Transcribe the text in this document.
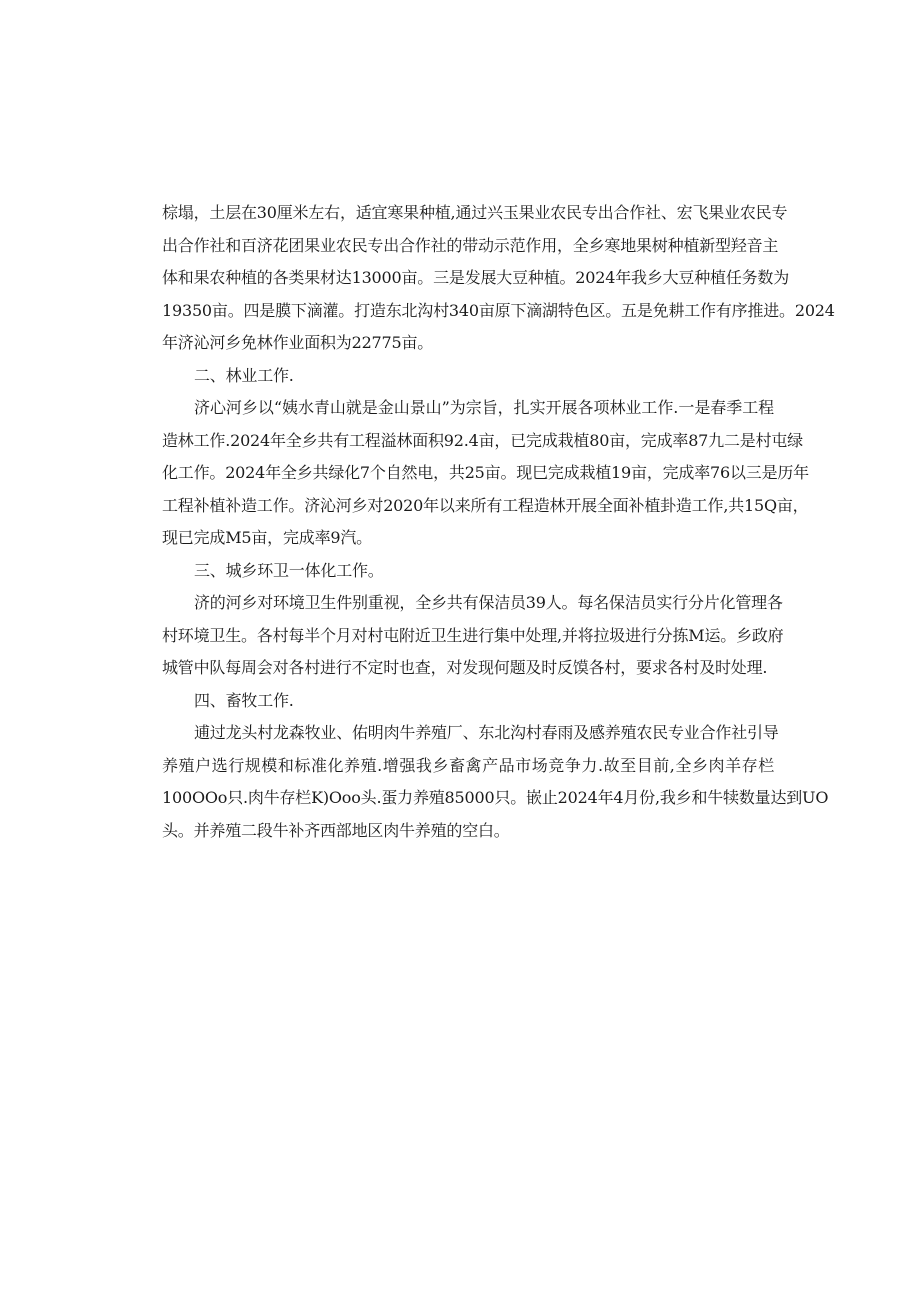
棕塌，土层在30厘米左右，适宜寒果种植,通过兴玉果业农民专出合作社、宏飞果业农民专
出合作社和百济花团果业农民专出合作社的带动示范作用，全乡寒地果树种植新型羟音主
体和果农种植的各类果材达13000亩。三是发展大豆种植。2024年我乡大豆种植任务数为
19350亩。四是膜下滴灌。打造东北沟村340亩原下滴湖特色区。五是免耕工作有序推进。2024
年济沁河乡免林作业面积为22775亩。
二、林业工作.
济心河乡以“姨水青山就是金山景山”为宗旨，扎实开展各项林业工作.一是春季工程
造林工作.2024年全乡共有工程溢林面积92.4亩，已完成栽植80亩，完成率87九二是村屯绿
化工作。2024年全乡共绿化7个自然电，共25亩。现巳完成栽植19亩，完成率76以三是历年
工程补植补造工作。济沁河乡对2020年以来所有工程造林开展全面补植卦造工作,共15Q亩，
现已完成M5亩，完成率9汽。
三、城乡环卫一体化工作。
济的河乡对环境卫生件别重视，全乡共有保洁员39人。每名保洁员实行分片化管理各
村环境卫生。各村每半个月对村屯附近卫生进行集中处理,并将拉圾进行分拣M运。乡政府
城管中队每周会对各村进行不定时也查，对发现何题及时反馍各村，要求各村及时处理.
四、畜牧工作.
逋过龙头村龙森牧业、佑明肉牛养殖厂、东北沟村春雨及感养殖农民专业合作社引导
养殖户选行规模和标准化养殖.增强我乡畜禽产品市场竞争力.故至目前,全乡肉羊存栏
100OOo只.肉牛存栏K)Ooo头.蛋力养殖85000只。嵌止2024年4月份,我乡和牛犊数量达到UO
头。并养殖二段牛补齐西部地区肉牛养殖的空白。
